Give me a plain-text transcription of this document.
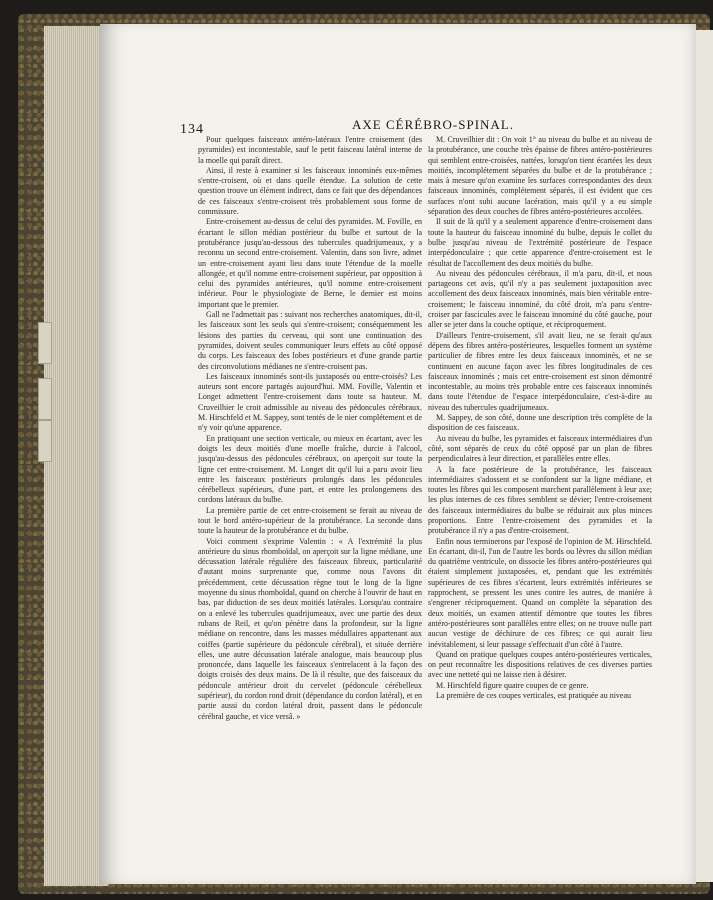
134	AXE CÉRÉBRO-SPINAL.

Pour quelques faisceaux antéro-latéraux l'entre croisement (des pyramides) est incontestable, sauf le petit faisceau latéral interne de la moelle qui paraît direct.

Ainsi, il reste à examiner si les faisceaux innominés eux-mêmes s'entre-croisent, où et dans quelle étendue. La solution de cette question trouve un élément indirect, dans ce fait que des dépendances de ces faisceaux s'entre-croisent très probablement sous forme de commissure.

Entre-croisement au-dessus de celui des pyramides. M. Foville, en écartant le sillon médian postérieur du bulbe et surtout de la protubérance jusqu'au-dessous des tubercules quadrijumeaux, y a reconnu un second entre-croisement. Valentin, dans son livre, admet un entre-croisement ayant lieu dans toute l'étendue de la moelle allongée, et qu'il nomme entre-croisement supérieur, par opposition à celui des pyramides antérieures, qu'il nomme entre-croisement inférieur. Pour le physiologiste de Berne, le dernier est moins important que le premier.

Gall ne l'admettait pas : suivant nos recherches anatomiques, dit-il, les faisceaux sont les seuls qui s'entre-croisent; conséquemment les lésions des parties du cerveau, qui sont une continuation des pyramides, doivent seules communiquer leurs effets au côté opposé du corps. Les faisceaux des lobes postérieurs et d'une grande partie des circonvolutions médianes ne s'entre-croisent pas.

Les faisceaux innominés sont-ils juxtaposés ou entre-croisés? Les auteurs sont encore partagés aujourd'hui. MM. Foville, Valentin et Longet admettent l'entre-croisement dans toute sa hauteur. M. Cruveilhier le croit admissible au niveau des pédoncules cérébraux. M. Hirschfeld et M. Sappey, sont tentés de le nier complétement et de n'y voir qu'une apparence.

En pratiquant une section verticale, ou mieux en écartant, avec les doigts les deux moitiés d'une moelle fraîche, durcie à l'alcool, jusqu'au-dessus des pédoncules cérébraux, on aperçoit sur toute la ligne cet entre-croisement. M. Longet dit qu'il lui a paru avoir lieu entre les faisceaux postérieurs prolongés dans les pédoncules cérébelleux supérieurs, d'une part, et entre les prolongemens des cordons latéraux du bulbe.

La première partie de cet entre-croisement se ferait au niveau de tout le bord antéro-supérieur de la protubérance. La seconde dans toute la hauteur de la protubérance et du bulbe.

Voici comment s'exprime Valentin : « A l'extrémité la plus antérieure du sinus rhomboïdal, on aperçoit sur la ligne médiane, une décussation latérale régulière des faisceaux fibreux, particularité d'autant moins surprenante que, comme nous l'avons dit précédemment, cette décussation règne tout le long de la ligne moyenne du sinus rhomboïdal, quand on cherche à l'ouvrir de haut en bas, par diduction de ses deux moitiés latérales. Lorsqu'au contraire on a enlevé les tubercules quadrijumeaux, avec une partie des deux rubans de Reil, et qu'on pénètre dans la profondeur, sur la ligne médiane on rencontre, dans les masses médullaires appartenant aux coiffes (partie supérieure du pédoncule cérébral), et située derrière elles, une autre décussation latérale analogue, mais beaucoup plus prononcée, dans laquelle les faisceaux s'entrelacent à la façon des doigts croisés des deux mains. De là il résulte, que des faisceaux du pédoncule antérieur droit du cervelet (pédoncule cérébelleux supérieur), du cordon rond droit (dépendance du cordon latéral), et en partie aussi du cordon latéral droit, passent dans le pédoncule cérébral gauche, et vice versâ. »

M. Cruveilhier dit : On voit 1° au niveau du bulbe et au niveau de la protubérance, une couche très épaisse de fibres antéro-postérieures qui semblent entre-croisées, nattées, lorsqu'on tient écartées les deux moitiés, incomplétement séparées du bulbe et de la protubérance ; mais à mesure qu'on examine les surfaces correspondantes des deux faisceaux innominés, complétement séparés, il est évident que ces surfaces n'ont subi aucune lacération, mais qu'il y a eu simple séparation des deux couches de fibres antéro-postérieures accolées.

Il suit de là qu'il y a seulement apparence d'entre-croisement dans toute la hauteur du faisceau innominé du bulbe, depuis le collet du bulbe jusqu'au niveau de l'extrémité postérieure de l'espace interpédonculaire ; que cette apparence d'entre-croisement est le résultat de l'accollement des deux moitiés du bulbe.

Au niveau des pédoncules cérébraux, il m'a paru, dit-il, et nous partageons cet avis, qu'il n'y a pas seulement juxtaposition avec accollement des deux faisceaux innominés, mais bien véritable entre-croisement; le faisceau innominé, du côté droit, m'a paru s'entre-croiser par fascicules avec le faisceau innominé du côté gauche, pour aller se jeter dans la couche optique, et réciproquement.

D'ailleurs l'entre-croisement, s'il avait lieu, ne se ferait qu'aux dépens des fibres antéro-postérieures, lesquelles forment un système particulier de fibres entre les deux faisceaux innominés, et ne se continuent en aucune façon avec les fibres longitudinales de ces faisceaux innominés ; mais cet entre-croisement est sinon démontré incontestable, au moins très probable entre ces faisceaux innominés dans toute l'étendue de l'espace interpédonculaire, c'est-à-dire au niveau des tubercules quadrijumeaux.

M. Sappey, de son côté, donne une description très complète de la disposition de ces faisceaux.

Au niveau du bulbe, les pyramides et faisceaux intermédiaires d'un côté, sont séparés de ceux du côté opposé par un plan de fibres perpendiculaires à leur direction, et parallèles entre elles.

A la face postérieure de la protubérance, les faisceaux intermédiaires s'adossent et se confondent sur la ligne médiane, et toutes les fibres qui les composent marchent parallèlement à leur axe; les plus internes de ces fibres semblent se dévier; l'entre-croisement des faisceaux intermédiaires du bulbe se réduirait aux plus minces proportions. Entre l'entre-croisement des pyramides et la protubérance il n'y a pas d'entre-croisement.

Enfin nous terminerons par l'exposé de l'opinion de M. Hirschfeld. En écartant, dit-il, l'un de l'autre les bords ou lèvres du sillon médian du quatrième ventricule, on dissocie les fibres antéro-postérieures qui étaient simplement juxtaposées, et, pendant que les extrémités supérieures de ces fibres s'écartent, leurs extrémités inférieures se rapprochent, se pressent les unes contre les autres, de manière à s'engrener réciproquement. Quand on complète la séparation des deux moitiés, un examen attentif démontre que toutes les fibres antéro-postérieures sont parallèles entre elles; on ne trouve nulle part aucun vestige de déchirure de ces fibres; ce qui aurait lieu inévitablement, si leur passage s'effectuait d'un côté à l'autre.

Quand on pratique quelques coupes antéro-postérieures verticales, on peut reconnaître les dispositions relatives de ces diverses parties avec une netteté qui ne laisse rien à désirer.

M. Hirschfeld figure quatre coupes de ce genre.

La première de ces coupes verticales, est pratiquée au niveau
